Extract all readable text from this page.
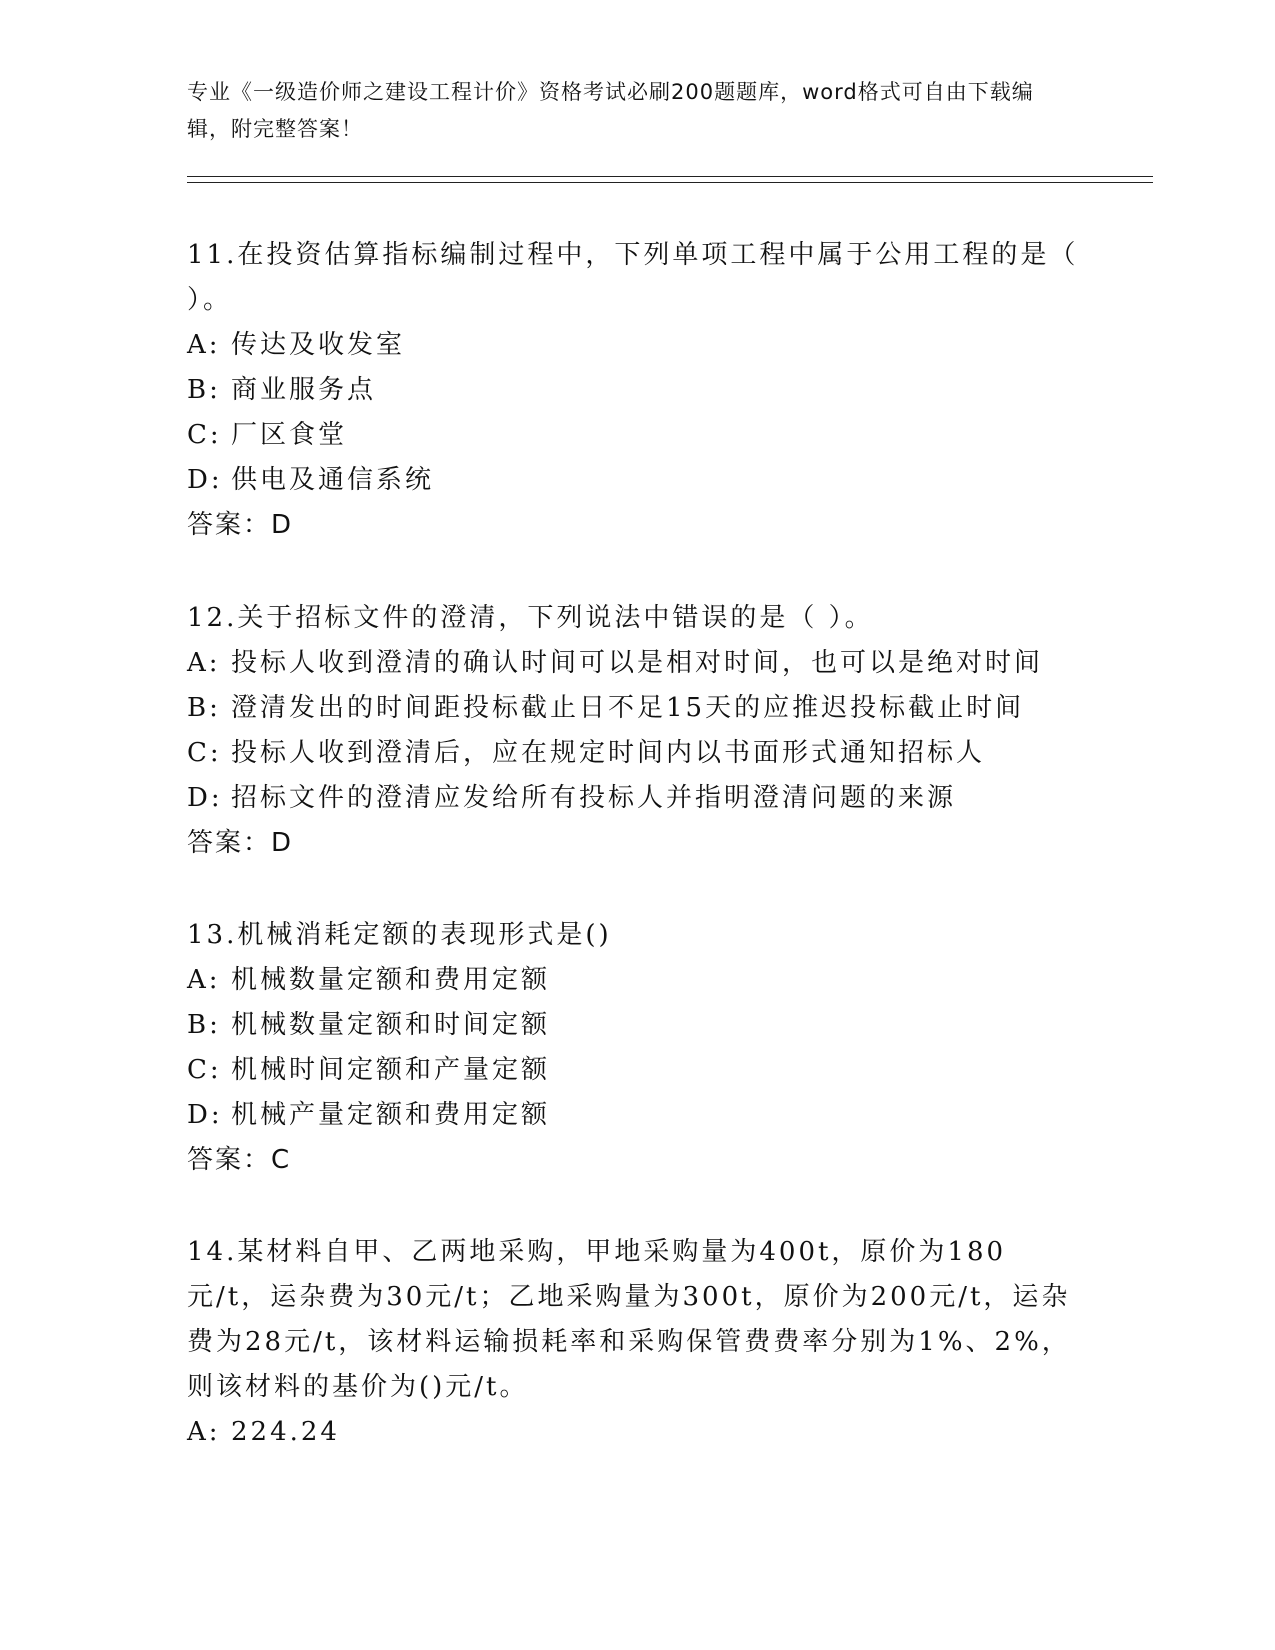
专业《一级造价师之建设工程计价》资格考试必刷200题题库，word格式可自由下载编辑，附完整答案！

11.在投资估算指标编制过程中，下列单项工程中属于公用工程的是（ ）。

A: 传达及收发室

B: 商业服务点

C: 厂区食堂

D: 供电及通信系统

答案：D

12.关于招标文件的澄清，下列说法中错误的是（ ）。

A: 投标人收到澄清的确认时间可以是相对时间，也可以是绝对时间

B: 澄清发出的时间距投标截止日不足15天的应推迟投标截止时间

C: 投标人收到澄清后，应在规定时间内以书面形式通知招标人

D: 招标文件的澄清应发给所有投标人并指明澄清问题的来源

答案：D

13.机械消耗定额的表现形式是()

A: 机械数量定额和费用定额

B: 机械数量定额和时间定额

C: 机械时间定额和产量定额

D: 机械产量定额和费用定额

答案：C

14.某材料自甲、乙两地采购，甲地采购量为400t，原价为180元/t，运杂费为30元/t；乙地采购量为300t，原价为200元/t，运杂费为28元/t，该材料运输损耗率和采购保管费费率分别为1%、2%，则该材料的基价为()元/t。

A: 224.24
